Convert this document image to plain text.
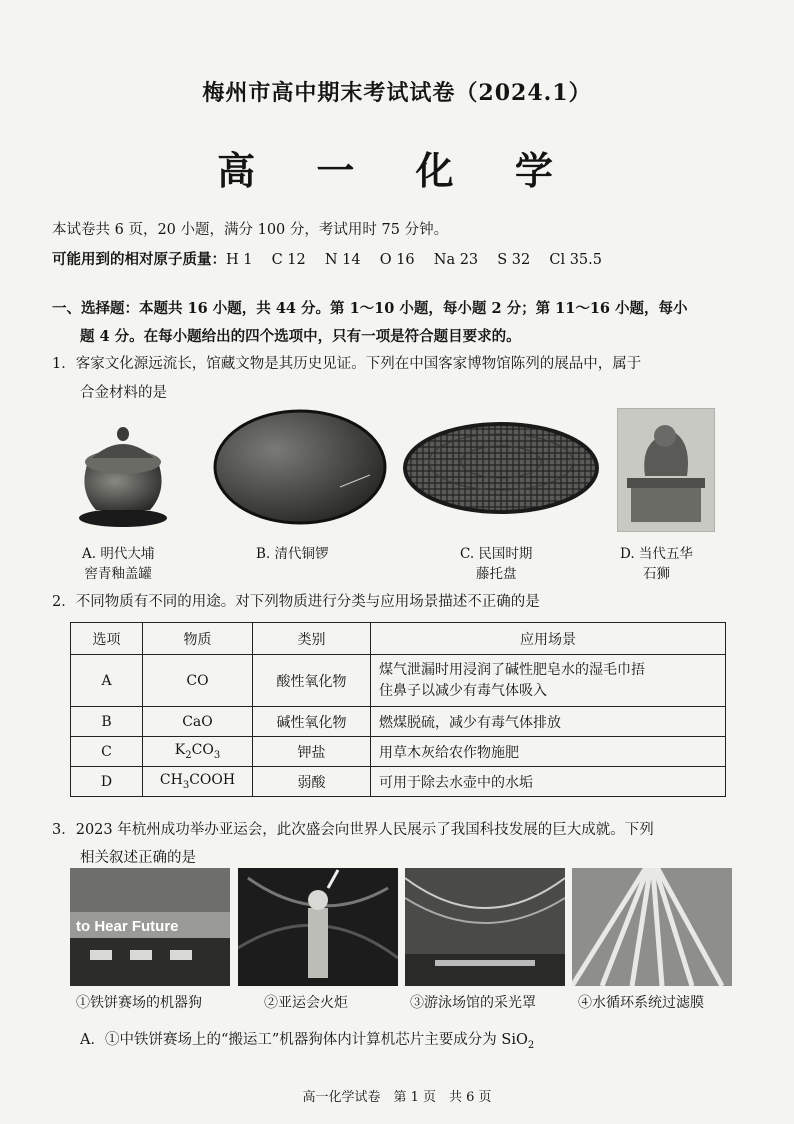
梅州市高中期末考试试卷（2024.1）
高 一 化 学
本试卷共 6 页，20 小题，满分 100 分，考试用时 75 分钟。
可能用到的相对原子质量：H 1　 C 12　 N 14　 O 16　 Na 23　 S 32　 Cl 35.5
一、选择题：本题共 16 小题，共 44 分。第 1～10 小题，每小题 2 分；第 11～16 小题，每小
题 4 分。在每小题给出的四个选项中，只有一项是符合题目要求的。
1．客家文化源远流长，馆藏文物是其历史见证。下列在中国客家博物馆陈列的展品中，属于
合金材料的是
A. 明代大埔
窖青釉盖罐
B. 清代铜锣	C. 民国时期
藤托盘
D. 当代五华
石狮
2．不同物质有不同的用途。对下列物质进行分类与应用场景描述不正确的是
选项	物质	类别	应用场景
A	CO	酸性氧化物	煤气泄漏时用浸润了碱性肥皂水的湿毛巾捂
住鼻子以减少有毒气体吸入

B	CaO	碱性氧化物	燃煤脱硫，减少有毒气体排放
C	$K_2CO_3$	钾盐	用草木灰给农作物施肥
D	$CH_3COOH$	弱酸	可用于除去水壶中的水垢
3．2023 年杭州成功举办亚运会，此次盛会向世界人民展示了我国科技发展的巨大成就。下列
相关叙述正确的是
to Hear Future
①铁饼赛场的机器狗	②亚运会火炬	③游泳场馆的采光罩	④水循环系统过滤膜
A．①中铁饼赛场上的“搬运工”机器狗体内计算机芯片主要成分为 SiO$_2$
高一化学试卷　第 1 页　共 6 页
